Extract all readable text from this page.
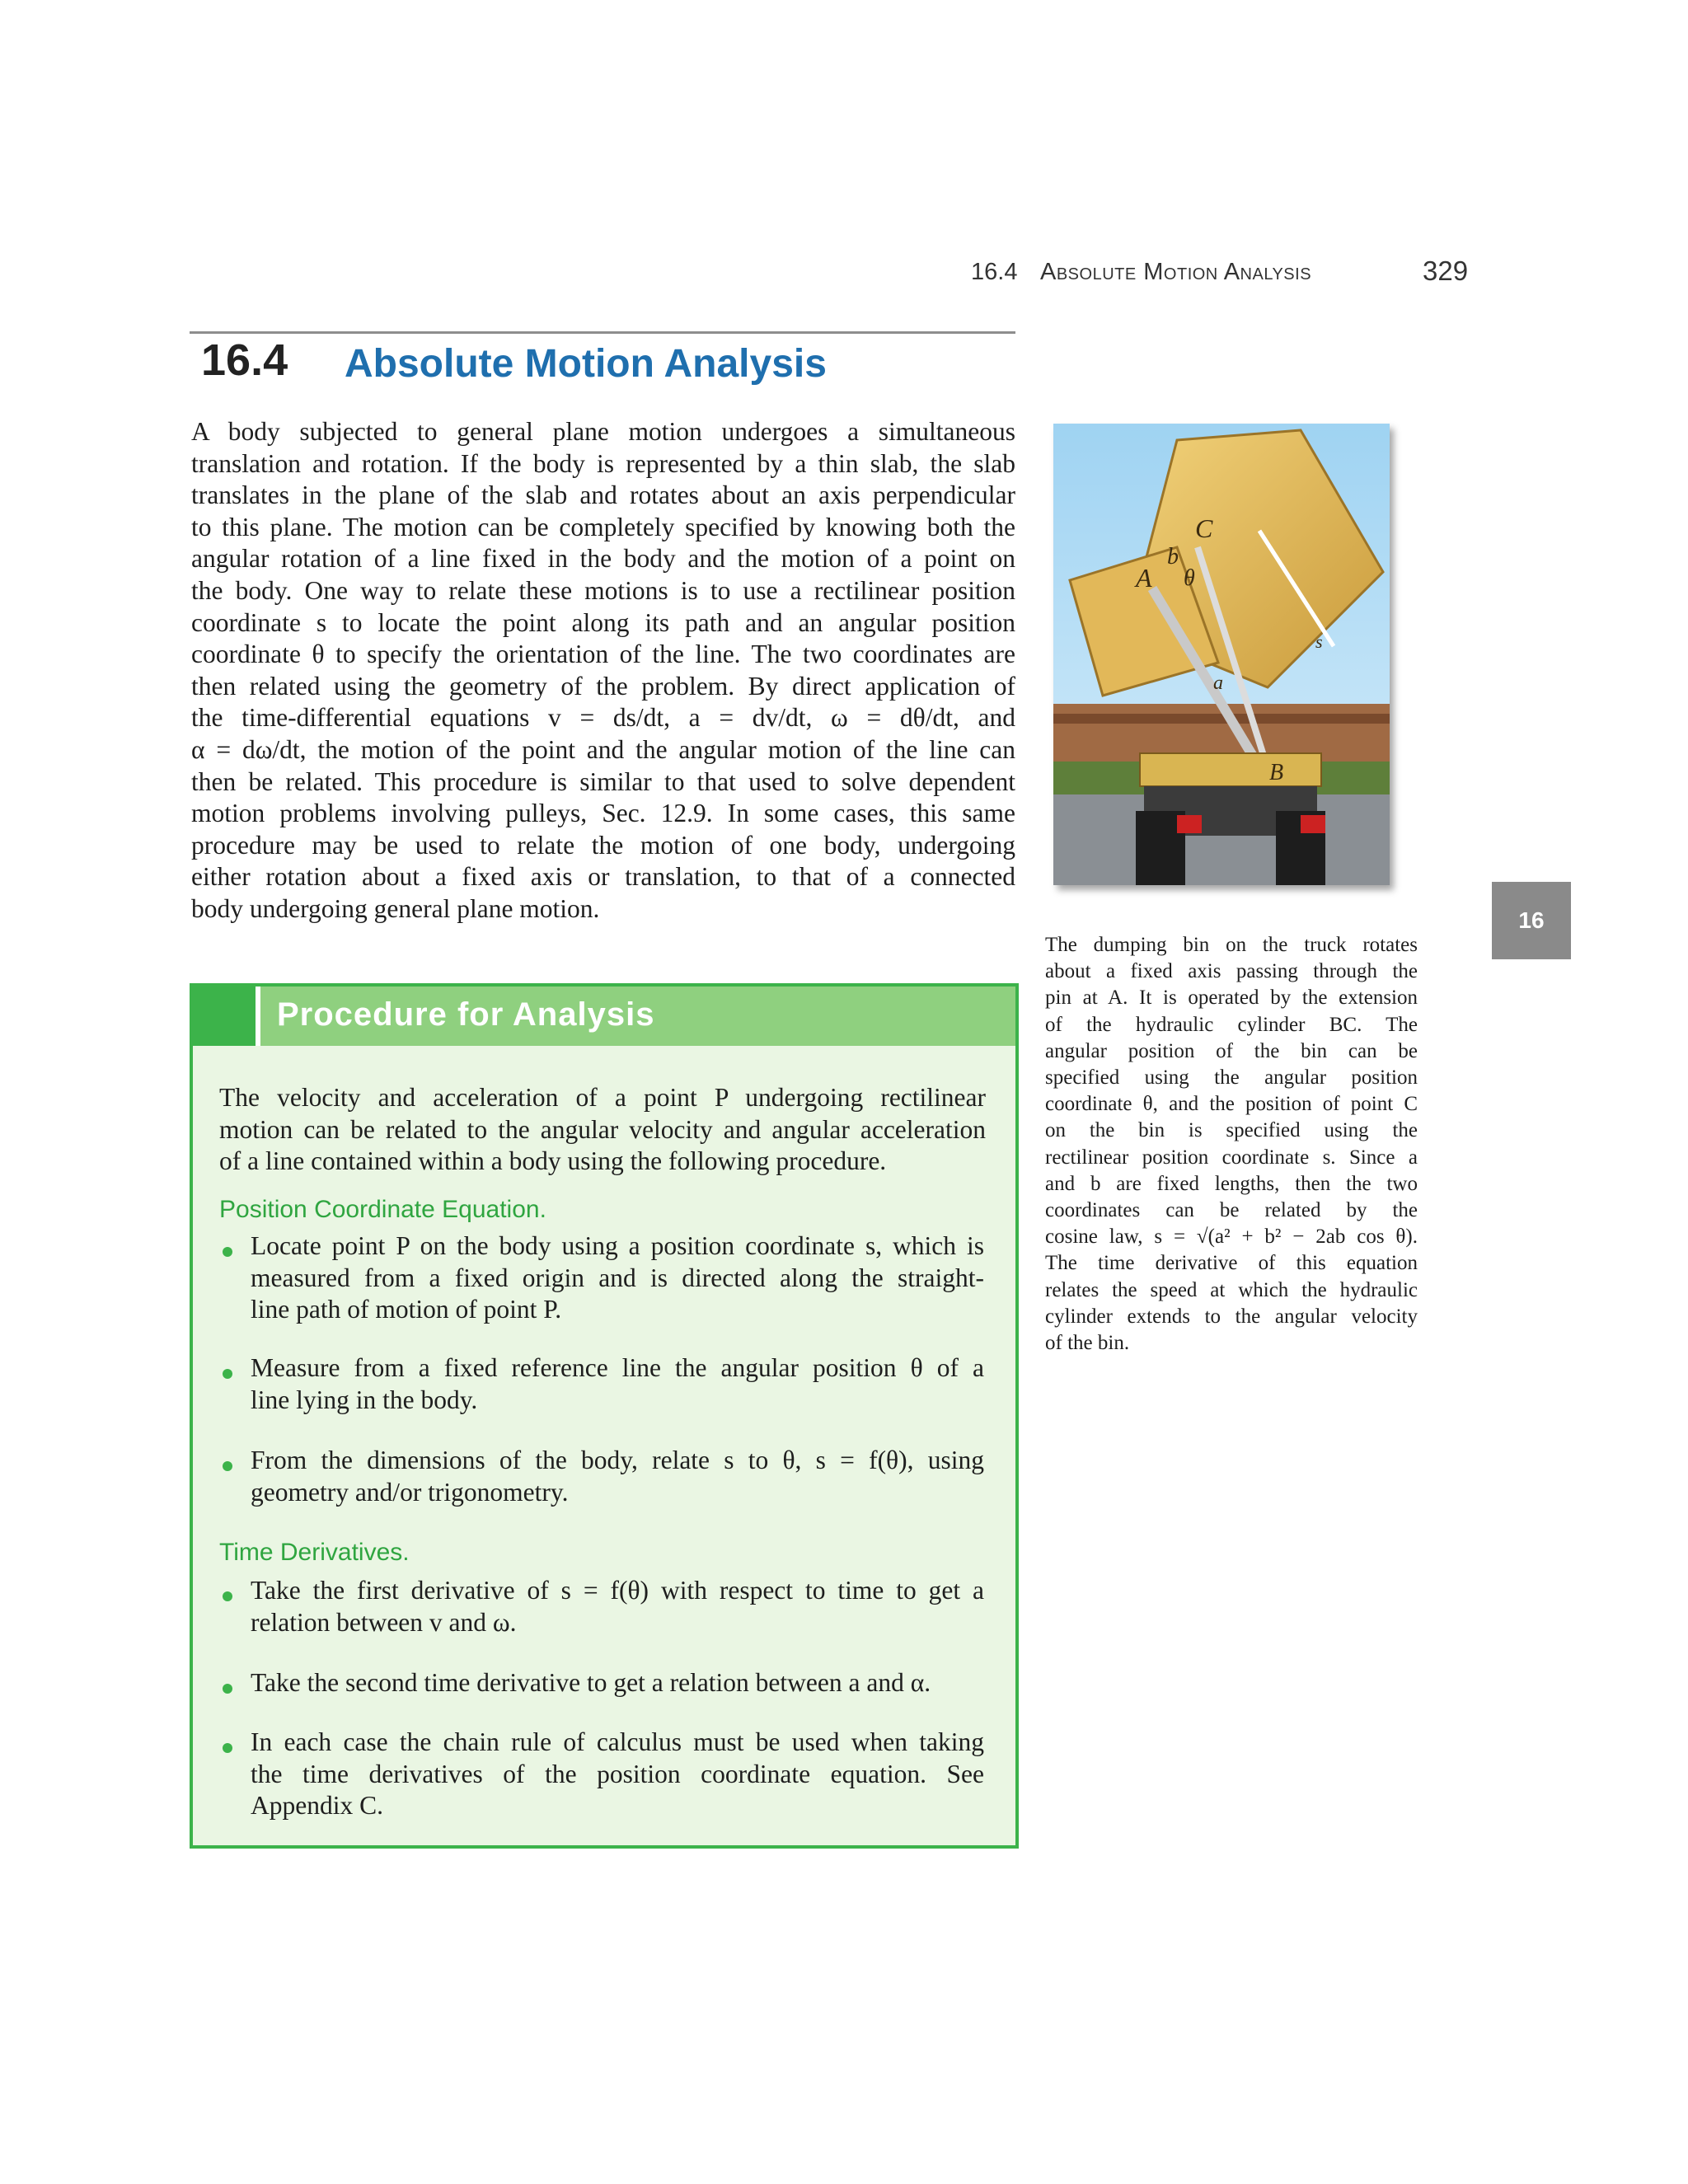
16.4 Absolute Motion Analysis	329
16.4 Absolute Motion Analysis

A body subjected to general plane motion undergoes a simultaneous
translation and rotation. If the body is represented by a thin slab, the slab
translates in the plane of the slab and rotates about an axis perpendicular
to this plane. The motion can be completely specified by knowing both the
angular rotation of a line fixed in the body and the motion of a point on
the body. One way to relate these motions is to use a rectilinear position
coordinate s to locate the point along its path and an angular position
coordinate θ to specify the orientation of the line. The two coordinates are
then related using the geometry of the problem. By direct application of
the time-differential equations v = ds/dt, a = dv/dt, ω = dθ/dt, and
α = dω/dt, the motion of the point and the angular motion of the line can
then be related. This procedure is similar to that used to solve dependent
motion problems involving pulleys, Sec. 12.9. In some cases, this same
procedure may be used to relate the motion of one body, undergoing
either rotation about a fixed axis or translation, to that of a connected
body undergoing general plane motion.

C
A
b
θ
s
a
B

The dumping bin on the truck rotates
about a fixed axis passing through the
pin at A. It is operated by the extension
of the hydraulic cylinder BC. The
angular position of the bin can be
specified using the angular position
coordinate θ, and the position of point C
on the bin is specified using the
rectilinear position coordinate s. Since a
and b are fixed lengths, then the two
coordinates can be related by the
cosine law, s = √(a² + b² − 2ab cos θ).
The time derivative of this equation
relates the speed at which the hydraulic
cylinder extends to the angular velocity
of the bin.

16
Procedure for Analysis

The velocity and acceleration of a point P undergoing rectilinear
motion can be related to the angular velocity and angular acceleration
of a line contained within a body using the following procedure.

Position Coordinate Equation.

Locate point P on the body using a position coordinate s, which is
measured from a fixed origin and is directed along the straight-
line path of motion of point P.

Measure from a fixed reference line the angular position θ of a
line lying in the body.

From the dimensions of the body, relate s to θ, s = f(θ), using
geometry and/or trigonometry.

Time Derivatives.

Take the first derivative of s = f(θ) with respect to time to get a
relation between v and ω.

Take the second time derivative to get a relation between a and α.

In each case the chain rule of calculus must be used when taking
the time derivatives of the position coordinate equation. See
Appendix C.
